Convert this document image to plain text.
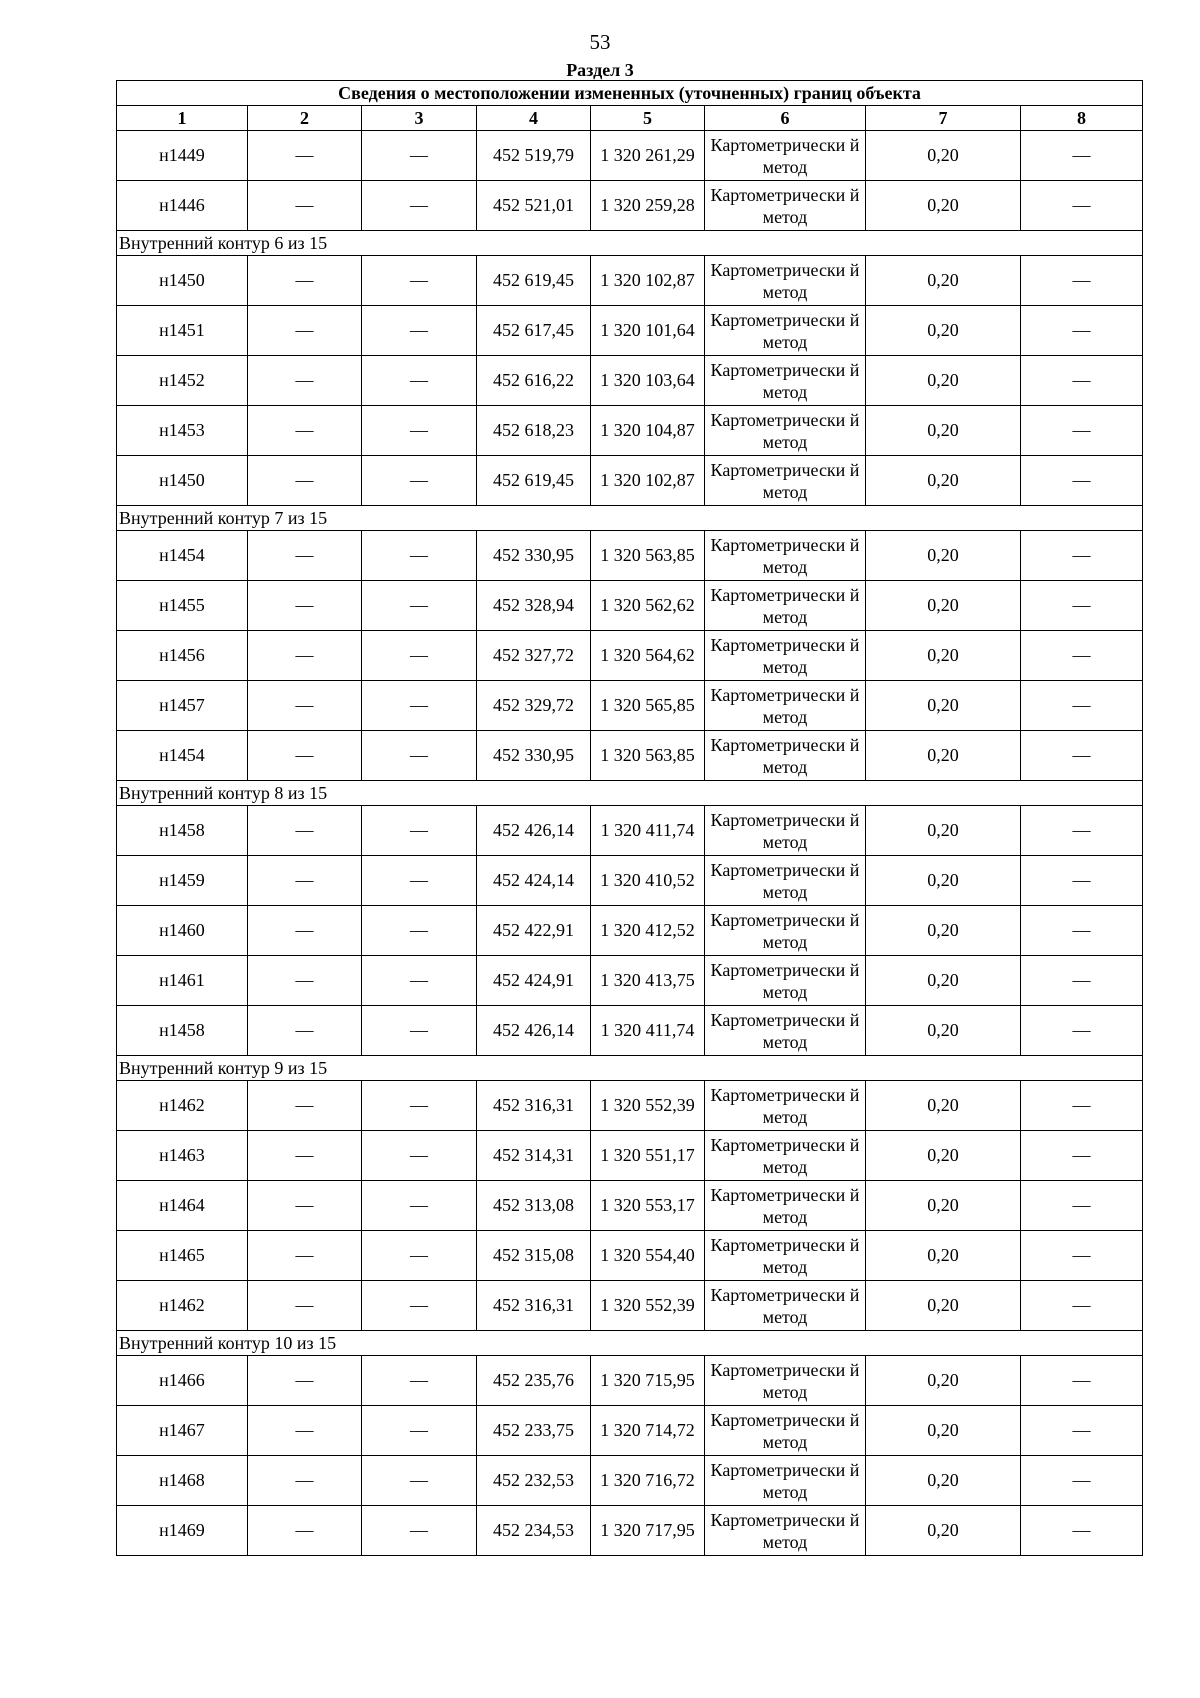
53
Раздел 3
Сведения о местоположении измененных (уточненных) границ объекта							
1	2	3	4	5	6	7	8
н1449	—	—	452 519,79	1 320 261,29	Картометрически й метод	0,20	—
н1446	—	—	452 521,01	1 320 259,28	Картометрически й метод	0,20	—
Внутренний контур 6 из 15							
н1450	—	—	452 619,45	1 320 102,87	Картометрически й метод	0,20	—
н1451	—	—	452 617,45	1 320 101,64	Картометрически й метод	0,20	—
н1452	—	—	452 616,22	1 320 103,64	Картометрически й метод	0,20	—
н1453	—	—	452 618,23	1 320 104,87	Картометрически й метод	0,20	—
н1450	—	—	452 619,45	1 320 102,87	Картометрически й метод	0,20	—
Внутренний контур 7 из 15							
н1454	—	—	452 330,95	1 320 563,85	Картометрически й метод	0,20	—
н1455	—	—	452 328,94	1 320 562,62	Картометрически й метод	0,20	—
н1456	—	—	452 327,72	1 320 564,62	Картометрически й метод	0,20	—
н1457	—	—	452 329,72	1 320 565,85	Картометрически й метод	0,20	—
н1454	—	—	452 330,95	1 320 563,85	Картометрически й метод	0,20	—
Внутренний контур 8 из 15							
н1458	—	—	452 426,14	1 320 411,74	Картометрически й метод	0,20	—
н1459	—	—	452 424,14	1 320 410,52	Картометрически й метод	0,20	—
н1460	—	—	452 422,91	1 320 412,52	Картометрически й метод	0,20	—
н1461	—	—	452 424,91	1 320 413,75	Картометрически й метод	0,20	—
н1458	—	—	452 426,14	1 320 411,74	Картометрически й метод	0,20	—
Внутренний контур 9 из 15							
н1462	—	—	452 316,31	1 320 552,39	Картометрически й метод	0,20	—
н1463	—	—	452 314,31	1 320 551,17	Картометрически й метод	0,20	—
н1464	—	—	452 313,08	1 320 553,17	Картометрически й метод	0,20	—
н1465	—	—	452 315,08	1 320 554,40	Картометрически й метод	0,20	—
н1462	—	—	452 316,31	1 320 552,39	Картометрически й метод	0,20	—
Внутренний контур 10 из 15							
н1466	—	—	452 235,76	1 320 715,95	Картометрически й метод	0,20	—
н1467	—	—	452 233,75	1 320 714,72	Картометрически й метод	0,20	—
н1468	—	—	452 232,53	1 320 716,72	Картометрически й метод	0,20	—
н1469	—	—	452 234,53	1 320 717,95	Картометрически й метод	0,20	—
